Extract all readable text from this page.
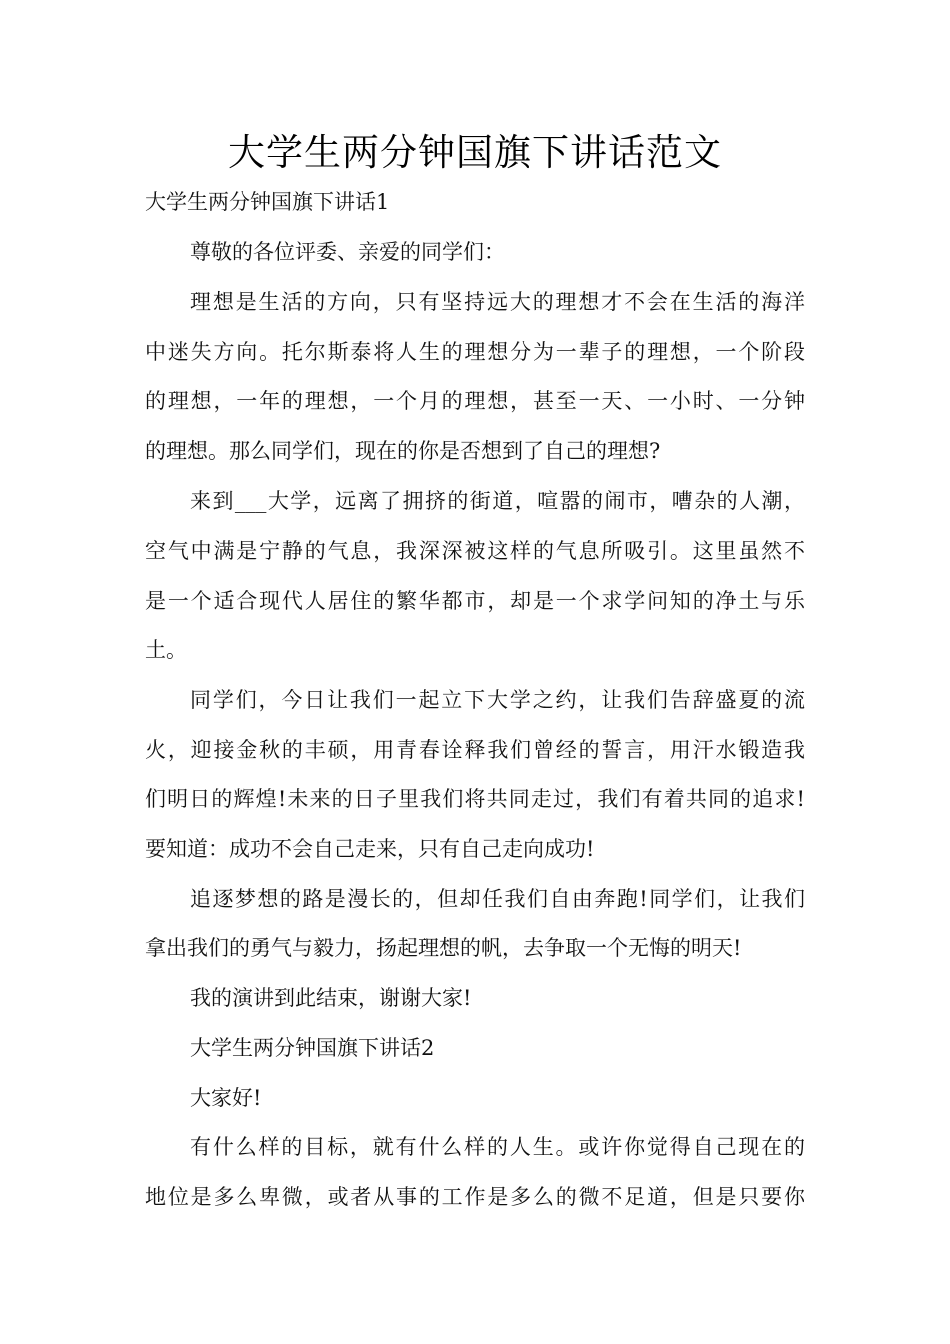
大学生两分钟国旗下讲话范文
大学生两分钟国旗下讲话1
尊敬的各位评委、亲爱的同学们：
理想是生活的方向，只有坚持远大的理想才不会在生活的海洋
中迷失方向。托尔斯泰将人生的理想分为一辈子的理想，一个阶段
的理想，一年的理想，一个月的理想，甚至一天、一小时、一分钟
的理想。那么同学们，现在的你是否想到了自己的理想?
来到___大学，远离了拥挤的街道，喧嚣的闹市，嘈杂的人潮，
空气中满是宁静的气息，我深深被这样的气息所吸引。这里虽然不
是一个适合现代人居住的繁华都市，却是一个求学问知的净土与乐
土。
同学们，今日让我们一起立下大学之约，让我们告辞盛夏的流
火，迎接金秋的丰硕，用青春诠释我们曾经的誓言，用汗水锻造我
们明日的辉煌!未来的日子里我们将共同走过，我们有着共同的追求!
要知道：成功不会自己走来，只有自己走向成功!
追逐梦想的路是漫长的，但却任我们自由奔跑!同学们，让我们
拿出我们的勇气与毅力，扬起理想的帆，去争取一个无悔的明天!
我的演讲到此结束，谢谢大家!
大学生两分钟国旗下讲话2
大家好!
有什么样的目标，就有什么样的人生。或许你觉得自己现在的
地位是多么卑微，或者从事的工作是多么的微不足道，但是只要你
